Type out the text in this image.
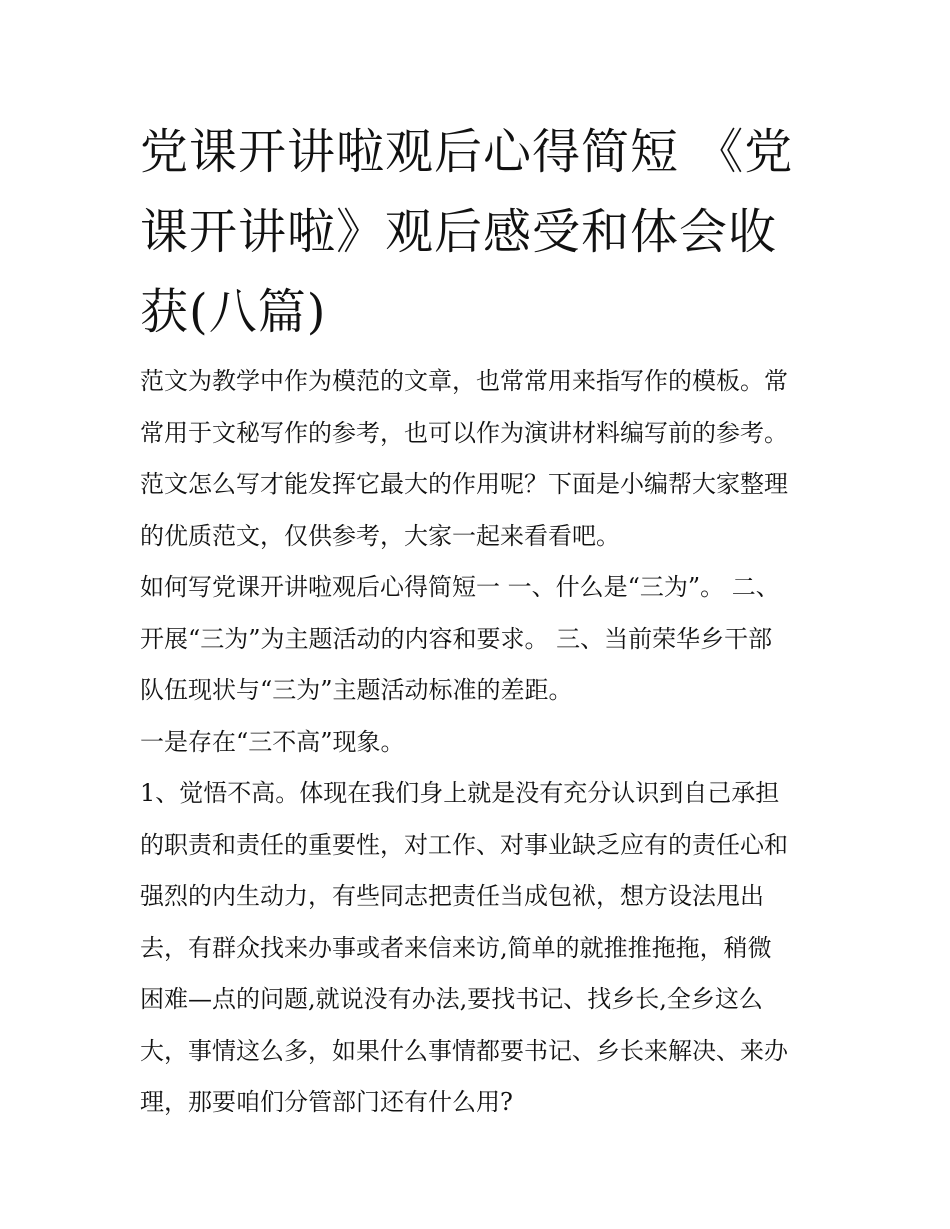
党课开讲啦观后心得简短 《党
课开讲啦》观后感受和体会收
获(八篇)
范文为教学中作为模范的文章，也常常用来指写作的模板。常
常用于文秘写作的参考，也可以作为演讲材料编写前的参考。
范文怎么写才能发挥它最大的作用呢？下面是小编帮大家整理
的优质范文，仅供参考，大家一起来看看吧。
如何写党课开讲啦观后心得简短一 一、什么是“三为”。 二、
开展“三为”为主题活动的内容和要求。 三、当前荣华乡干部
队伍现状与“三为”主题活动标准的差距。
一是存在“三不高”现象。
1、觉悟不高。体现在我们身上就是没有充分认识到自己承担
的职责和责任的重要性，对工作、对事业缺乏应有的责任心和
强烈的内生动力，有些同志把责任当成包袱，想方设法甩出
去，有群众找来办事或者来信来访,简单的就推推拖拖，稍微
困难—点的问题,就说没有办法,要找书记、找乡长,全乡这么
大，事情这么多，如果什么事情都要书记、乡长来解决、来办
理，那要咱们分管部门还有什么用?
